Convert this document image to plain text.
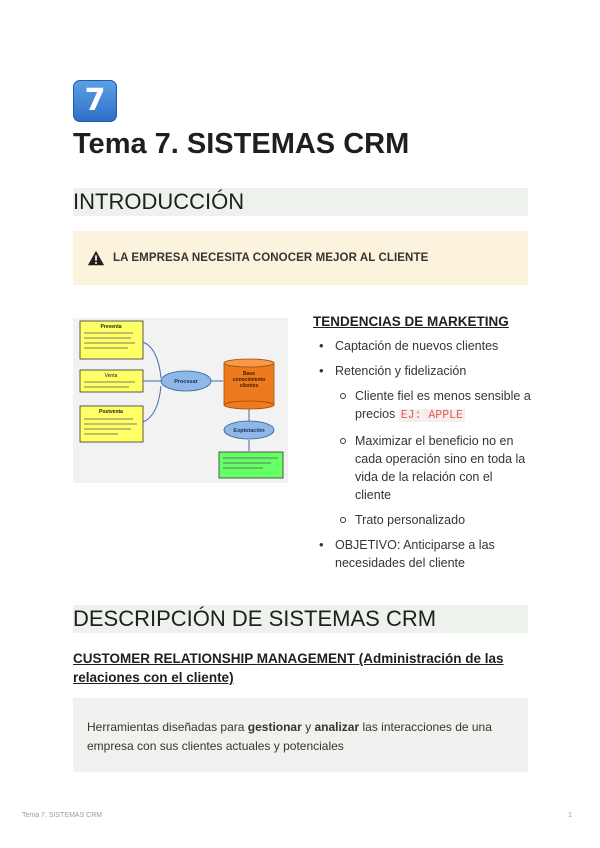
7
Tema 7. SISTEMAS CRM
INTRODUCCIÓN
LA EMPRESA NECESITA CONOCER MEJOR AL CLIENTE
Preventa
Venta
Postventa
Procesar
Base
conocimiento
clientes
Explotación
TENDENCIAS DE MARKETING
• Captación de nuevos clientes
• Retención y fidelización
Cliente fiel es menos sensible a precios EJ: APPLE
Maximizar el beneficio no en cada operación sino en toda la vida de la relación con el cliente
Trato personalizado
• OBJETIVO: Anticiparse a las necesidades del cliente
DESCRIPCIÓN DE SISTEMAS CRM
CUSTOMER RELATIONSHIP MANAGEMENT (Administración de las relaciones con el cliente)

Herramientas diseñadas para gestionar y analizar las interacciones de una empresa con sus clientes actuales y potenciales

Tema 7. SISTEMAS CRM	1
